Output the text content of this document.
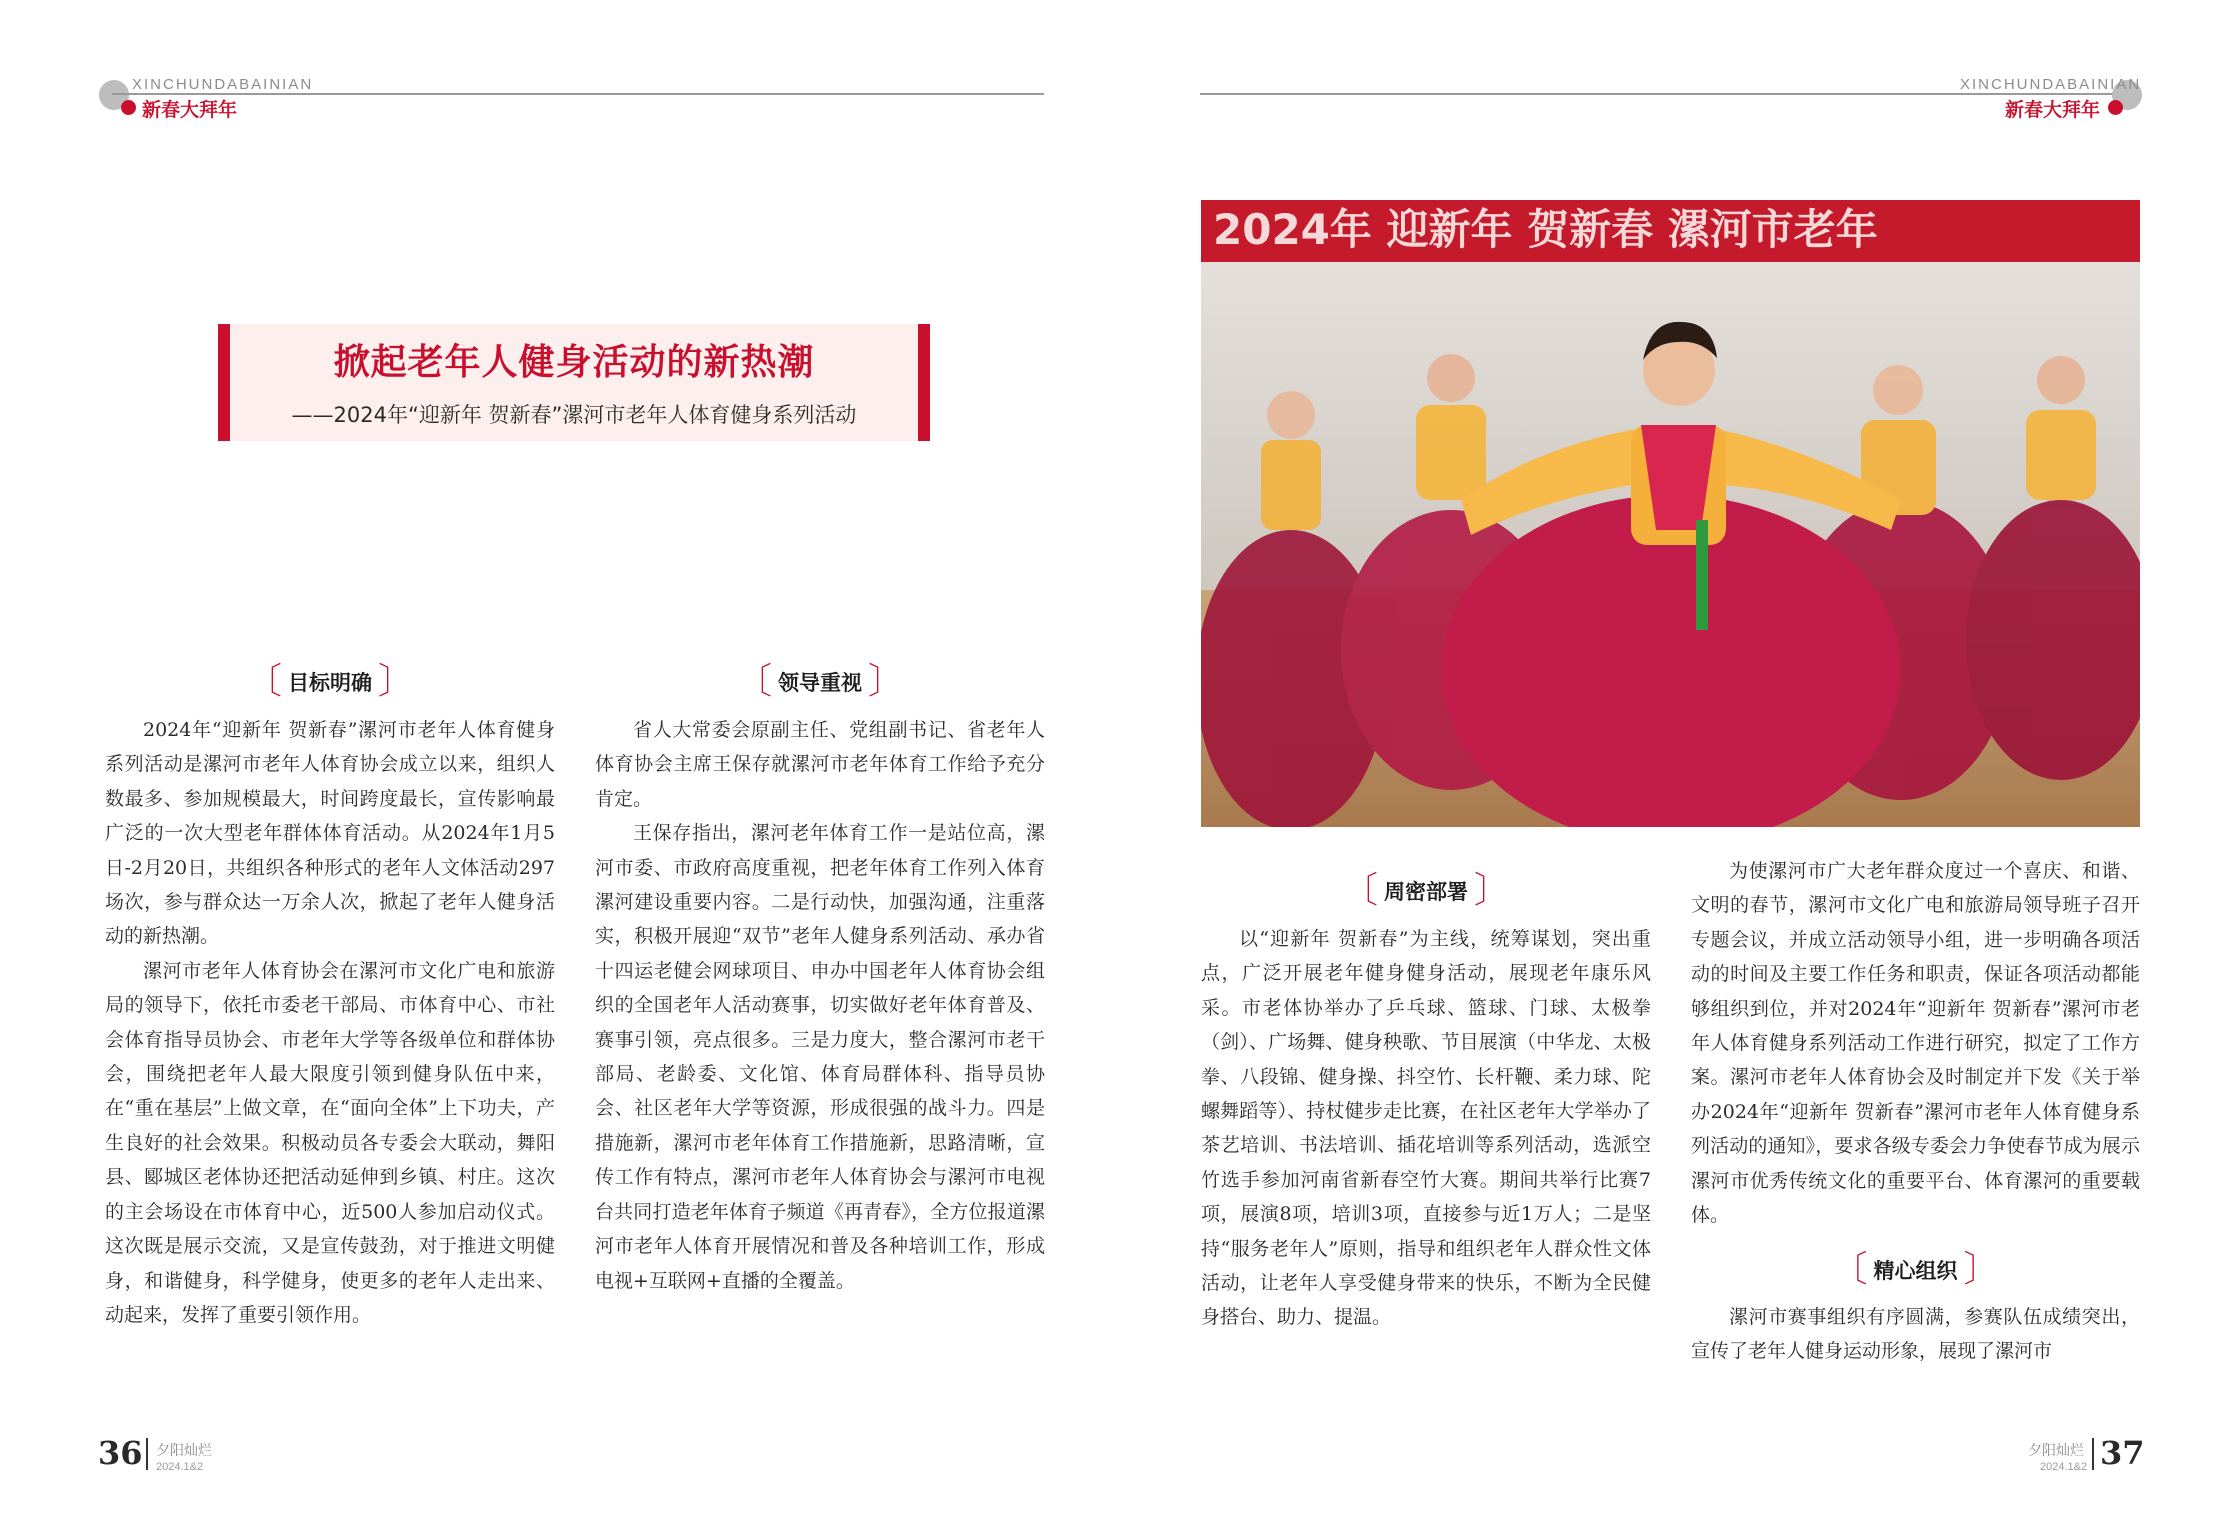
XINCHUNDABAINIAN
新春大拜年
XINCHUNDABAINIAN
新春大拜年
掀起老年人健身活动的新热潮
——2024年“迎新年 贺新春”漯河市老年人体育健身系列活动
〔 目标明确 〕

2024年“迎新年 贺新春”漯河市老年人体育健身系列活动是漯河市老年人体育协会成立以来，组织人数最多、参加规模最大，时间跨度最长，宣传影响最广泛的一次大型老年群体体育活动。从2024年1月5日-2月20日，共组织各种形式的老年人文体活动297场次，参与群众达一万余人次，掀起了老年人健身活动的新热潮。

漯河市老年人体育协会在漯河市文化广电和旅游局的领导下，依托市委老干部局、市体育中心、市社会体育指导员协会、市老年大学等各级单位和群体协会，围绕把老年人最大限度引领到健身队伍中来，在“重在基层”上做文章，在“面向全体”上下功夫，产生良好的社会效果。积极动员各专委会大联动，舞阳县、郾城区老体协还把活动延伸到乡镇、村庄。这次的主会场设在市体育中心，近500人参加启动仪式。这次既是展示交流，又是宣传鼓劲，对于推进文明健身，和谐健身，科学健身，使更多的老年人走出来、动起来，发挥了重要引领作用。

〔 领导重视 〕

省人大常委会原副主任、党组副书记、省老年人体育协会主席王保存就漯河市老年体育工作给予充分肯定。

王保存指出，漯河老年体育工作一是站位高，漯河市委、市政府高度重视，把老年体育工作列入体育漯河建设重要内容。二是行动快，加强沟通，注重落实，积极开展迎“双节”老年人健身系列活动、承办省十四运老健会网球项目、申办中国老年人体育协会组织的全国老年人活动赛事，切实做好老年体育普及、赛事引领，亮点很多。三是力度大，整合漯河市老干部局、老龄委、文化馆、体育局群体科、指导员协会、社区老年大学等资源，形成很强的战斗力。四是措施新，漯河市老年体育工作措施新，思路清晰，宣传工作有特点，漯河市老年人体育协会与漯河市电视台共同打造老年体育子频道《再青春》，全方位报道漯河市老年人体育开展情况和普及各种培训工作，形成电视+互联网+直播的全覆盖。

2024年 迎新年 贺新春 漯河市老年
〔 周密部署 〕

以“迎新年 贺新春”为主线，统筹谋划，突出重点，广泛开展老年健身健身活动，展现老年康乐风采。市老体协举办了乒乓球、篮球、门球、太极拳（剑）、广场舞、健身秧歌、节目展演（中华龙、太极拳、八段锦、健身操、抖空竹、长杆鞭、柔力球、陀螺舞蹈等）、持杖健步走比赛，在社区老年大学举办了茶艺培训、书法培训、插花培训等系列活动，选派空竹选手参加河南省新春空竹大赛。期间共举行比赛7项，展演8项，培训3项，直接参与近1万人；二是坚持“服务老年人”原则，指导和组织老年人群众性文体活动，让老年人享受健身带来的快乐，不断为全民健身搭台、助力、提温。

为使漯河市广大老年群众度过一个喜庆、和谐、文明的春节，漯河市文化广电和旅游局领导班子召开专题会议，并成立活动领导小组，进一步明确各项活动的时间及主要工作任务和职责，保证各项活动都能够组织到位，并对2024年“迎新年 贺新春”漯河市老年人体育健身系列活动工作进行研究，拟定了工作方案。漯河市老年人体育协会及时制定并下发《关于举办2024年“迎新年 贺新春”漯河市老年人体育健身系列活动的通知》，要求各级专委会力争使春节成为展示漯河市优秀传统文化的重要平台、体育漯河的重要载体。

〔 精心组织 〕

漯河市赛事组织有序圆满，参赛队伍成绩突出，宣传了老年人健身运动形象，展现了漯河市

36 夕阳灿烂
2024.1&2
夕阳灿烂
2024.1&2 37
